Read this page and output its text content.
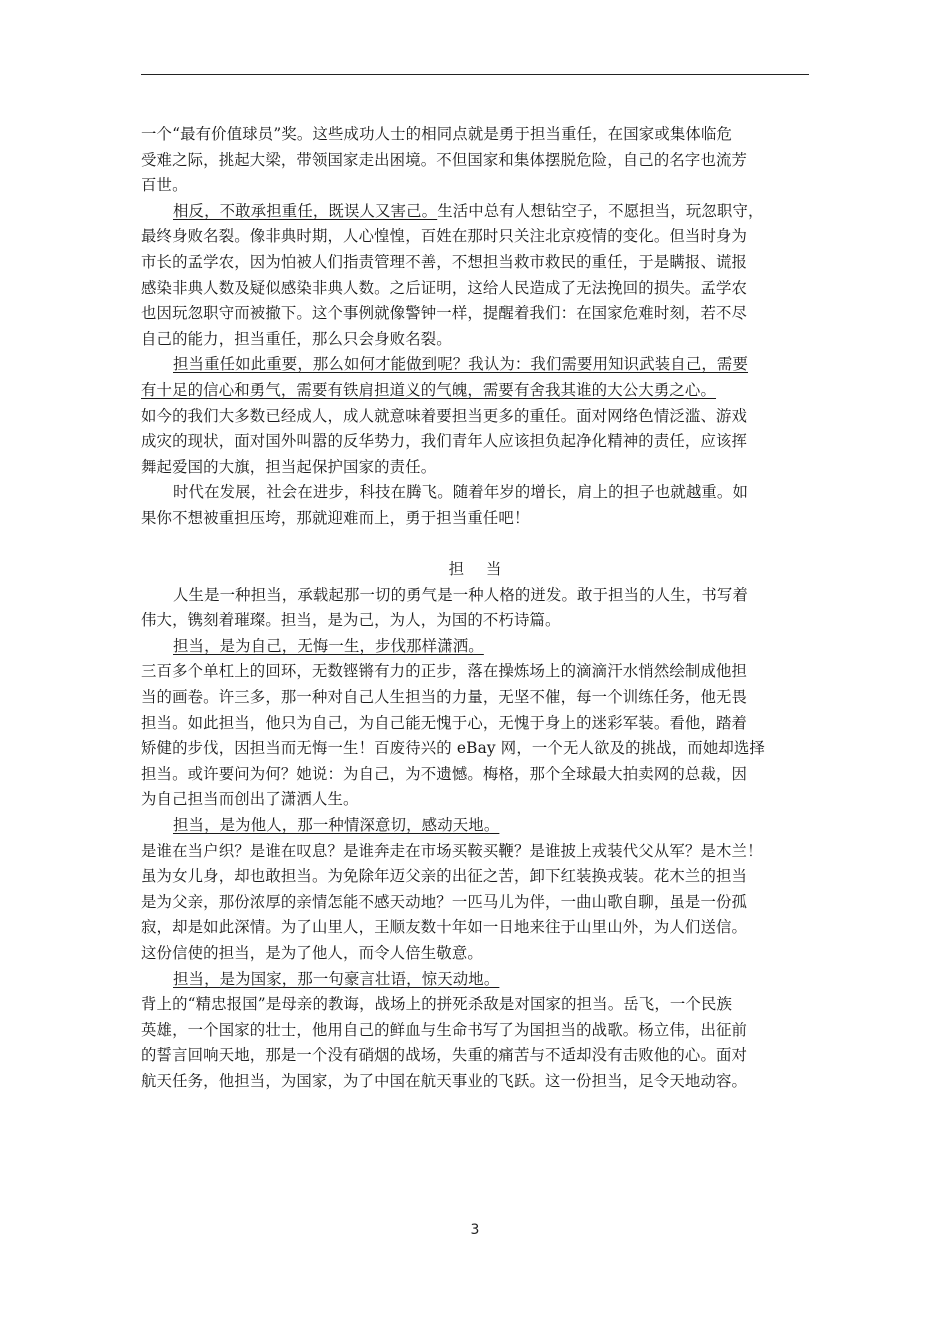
一个“最有价值球员”奖。这些成功人士的相同点就是勇于担当重任，在国家或集体临危
受难之际，挑起大梁，带领国家走出困境。不但国家和集体摆脱危险，自己的名字也流芳
百世。
相反，不敢承担重任，既误人又害己。生活中总有人想钻空子，不愿担当，玩忽职守，
最终身败名裂。像非典时期，人心惶惶，百姓在那时只关注北京疫情的变化。但当时身为
市长的孟学农，因为怕被人们指责管理不善，不想担当救市救民的重任，于是瞒报、谎报
感染非典人数及疑似感染非典人数。之后证明，这给人民造成了无法挽回的损失。孟学农
也因玩忽职守而被撤下。这个事例就像警钟一样，提醒着我们：在国家危难时刻，若不尽
自己的能力，担当重任，那么只会身败名裂。
担当重任如此重要，那么如何才能做到呢？我认为：我们需要用知识武装自己，需要
有十足的信心和勇气，需要有铁肩担道义的气魄，需要有舍我其谁的大公大勇之心。
如今的我们大多数已经成人，成人就意味着要担当更多的重任。面对网络色情泛滥、游戏
成灾的现状，面对国外叫嚣的反华势力，我们青年人应该担负起净化精神的责任，应该挥
舞起爱国的大旗，担当起保护国家的责任。
时代在发展，社会在进步，科技在腾飞。随着年岁的增长，肩上的担子也就越重。如
果你不想被重担压垮，那就迎难而上，勇于担当重任吧！
担当
人生是一种担当，承载起那一切的勇气是一种人格的迸发。敢于担当的人生，书写着
伟大，镌刻着璀璨。担当，是为己，为人，为国的不朽诗篇。
担当，是为自己，无悔一生，步伐那样潇洒。
三百多个单杠上的回环，无数铿锵有力的正步，落在操炼场上的滴滴汗水悄然绘制成他担
当的画卷。许三多，那一种对自己人生担当的力量，无坚不催，每一个训练任务，他无畏
担当。如此担当，他只为自己，为自己能无愧于心，无愧于身上的迷彩军装。看他，踏着
矫健的步伐，因担当而无悔一生！百废待兴的 eBay 网，一个无人欲及的挑战，而她却选择
担当。或许要问为何？她说：为自己，为不遗憾。梅格，那个全球最大拍卖网的总裁，因
为自己担当而创出了潇洒人生。
担当，是为他人，那一种情深意切，感动天地。
是谁在当户织？是谁在叹息？是谁奔走在市场买鞍买鞭？是谁披上戎装代父从军？是木兰！
虽为女儿身，却也敢担当。为免除年迈父亲的出征之苦，卸下红装换戎装。花木兰的担当
是为父亲，那份浓厚的亲情怎能不感天动地？一匹马儿为伴，一曲山歌自聊，虽是一份孤
寂，却是如此深情。为了山里人，王顺友数十年如一日地来往于山里山外，为人们送信。
这份信使的担当，是为了他人，而令人倍生敬意。
担当，是为国家，那一句豪言壮语，惊天动地。
背上的“精忠报国”是母亲的教诲，战场上的拼死杀敌是对国家的担当。岳飞，一个民族
英雄，一个国家的壮士，他用自己的鲜血与生命书写了为国担当的战歌。杨立伟，出征前
的誓言回响天地，那是一个没有硝烟的战场，失重的痛苦与不适却没有击败他的心。面对
航天任务，他担当，为国家，为了中国在航天事业的飞跃。这一份担当，足令天地动容。
3
